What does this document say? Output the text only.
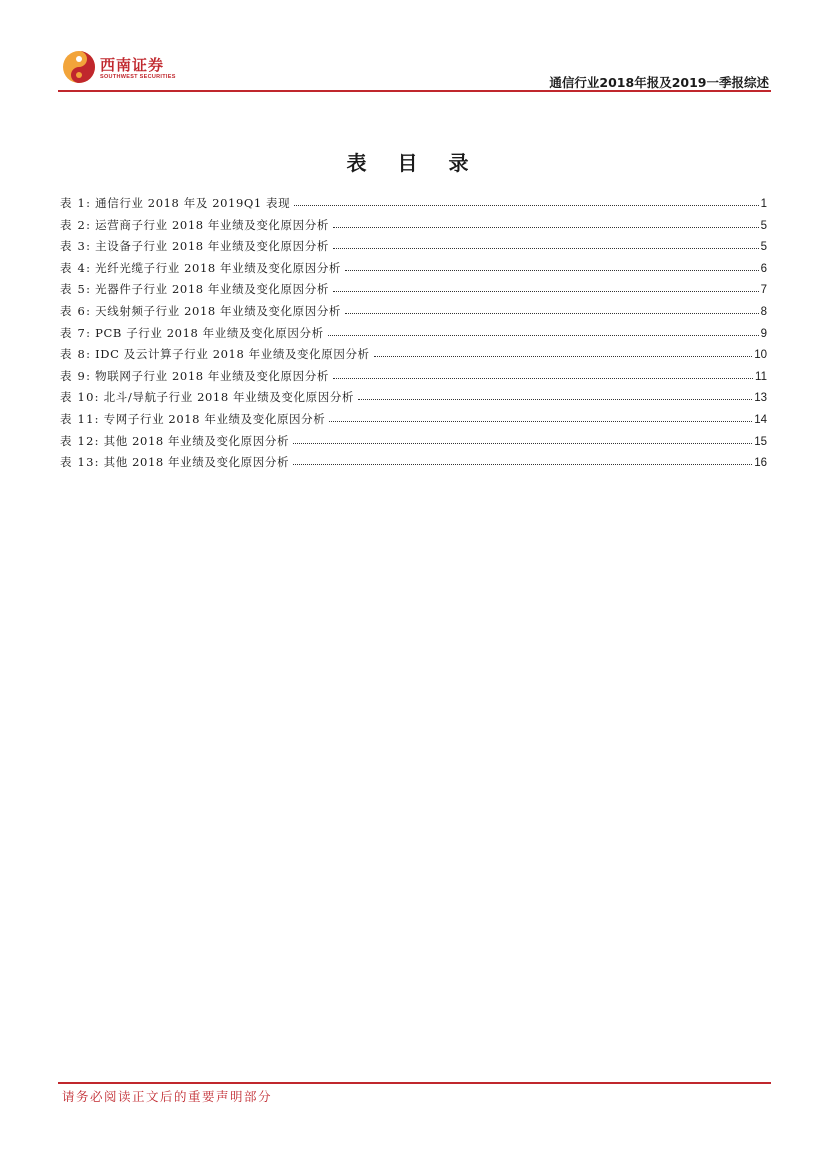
西南证券
SOUTHWEST SECURITIES	通信行业2018年报及2019一季报综述
表 目 录
表 1: 通信行业 2018 年及 2019Q1 表现	1
表 2: 运营商子行业 2018 年业绩及变化原因分析	5
表 3: 主设备子行业 2018 年业绩及变化原因分析	5
表 4: 光纤光缆子行业 2018 年业绩及变化原因分析	6
表 5: 光器件子行业 2018 年业绩及变化原因分析	7
表 6: 天线射频子行业 2018 年业绩及变化原因分析	8
表 7: PCB 子行业 2018 年业绩及变化原因分析	9
表 8: IDC 及云计算子行业 2018 年业绩及变化原因分析	10
表 9: 物联网子行业 2018 年业绩及变化原因分析	11
表 10: 北斗/导航子行业 2018 年业绩及变化原因分析	13
表 11: 专网子行业 2018 年业绩及变化原因分析	14
表 12: 其他 2018 年业绩及变化原因分析	15
表 13: 其他 2018 年业绩及变化原因分析	16
请务必阅读正文后的重要声明部分
